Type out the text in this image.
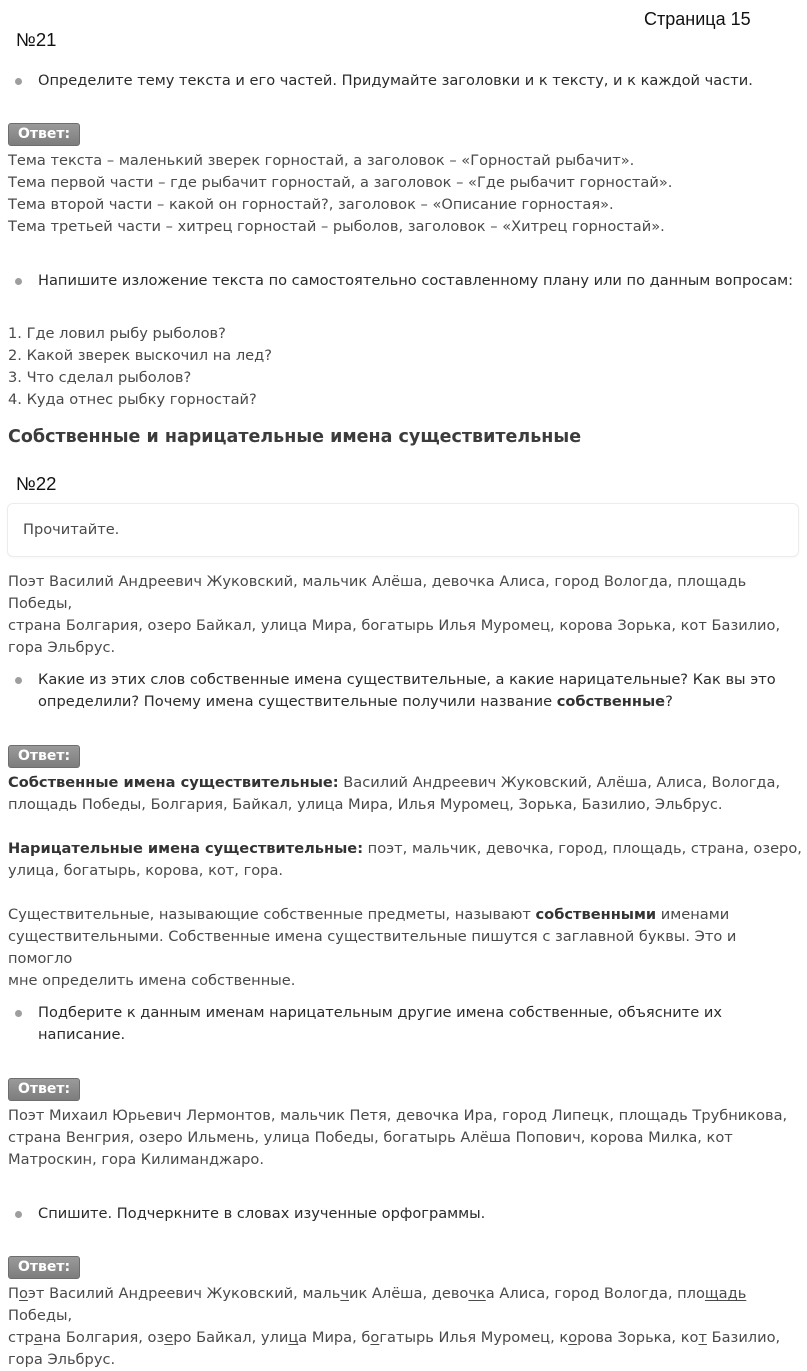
Страница 15
№21
Определите тему текста и его частей. Придумайте заголовки и к тексту, и к каждой части.
Ответ:

Тема текста – маленький зверек горностай, а заголовок – «Горностай рыбачит».

Тема первой части – где рыбачит горностай, а заголовок – «Где рыбачит горностай».

Тема второй части – какой он горностай?, заголовок – «Описание горностая».

Тема третьей части – хитрец горностай – рыболов, заголовок – «Хитрец горностай».

Напишите изложение текста по самостоятельно составленному плану или по данным вопросам:

1. Где ловил рыбу рыболов?

2. Какой зверек выскочил на лед?

3. Что сделал рыболов?

4. Куда отнес рыбку горностай?

Собственные и нарицательные имена существительные
№22
Прочитайте.

Поэт Василий Андреевич Жуковский, мальчик Алёша, девочка Алиса, город Вологда, площадь Победы,

страна Болгария, озеро Байкал, улица Мира, богатырь Илья Муромец, корова Зорька, кот Базилио,

гора Эльбрус.

Какие из этих слов собственные имена существительные, а какие нарицательные? Как вы это
определили? Почему имена существительные получили название собственные?
Ответ:

Собственные имена существительные: Василий Андреевич Жуковский, Алёша, Алиса, Вологда,

площадь Победы, Болгария, Байкал, улица Мира, Илья Муромец, Зорька, Базилио, Эльбрус.

Нарицательные имена существительные: поэт, мальчик, девочка, город, площадь, страна, озеро,

улица, богатырь, корова, кот, гора.

Существительные, называющие собственные предметы, называют собственными именами

существительными. Собственные имена существительные пишутся с заглавной буквы. Это и помогло

мне определить имена собственные.

Подберите к данным именам нарицательным другие имена собственные, объясните их
написание.
Ответ:

Поэт Михаил Юрьевич Лермонтов, мальчик Петя, девочка Ира, город Липецк, площадь Трубникова,

страна Венгрия, озеро Ильмень, улица Победы, богатырь Алёша Попович, корова Милка, кот

Матроскин, гора Килиманджаро.

Спишите. Подчеркните в словах изученные орфограммы.
Ответ:

Поэт Василий Андреевич Жуковский, мальчик Алёша, девочка Алиса, город Вологда, площадь Победы,

страна Болгария, озеро Байкал, улица Мира, богатырь Илья Муромец, корова Зорька, кот Базилио,

гора Эльбрус.
